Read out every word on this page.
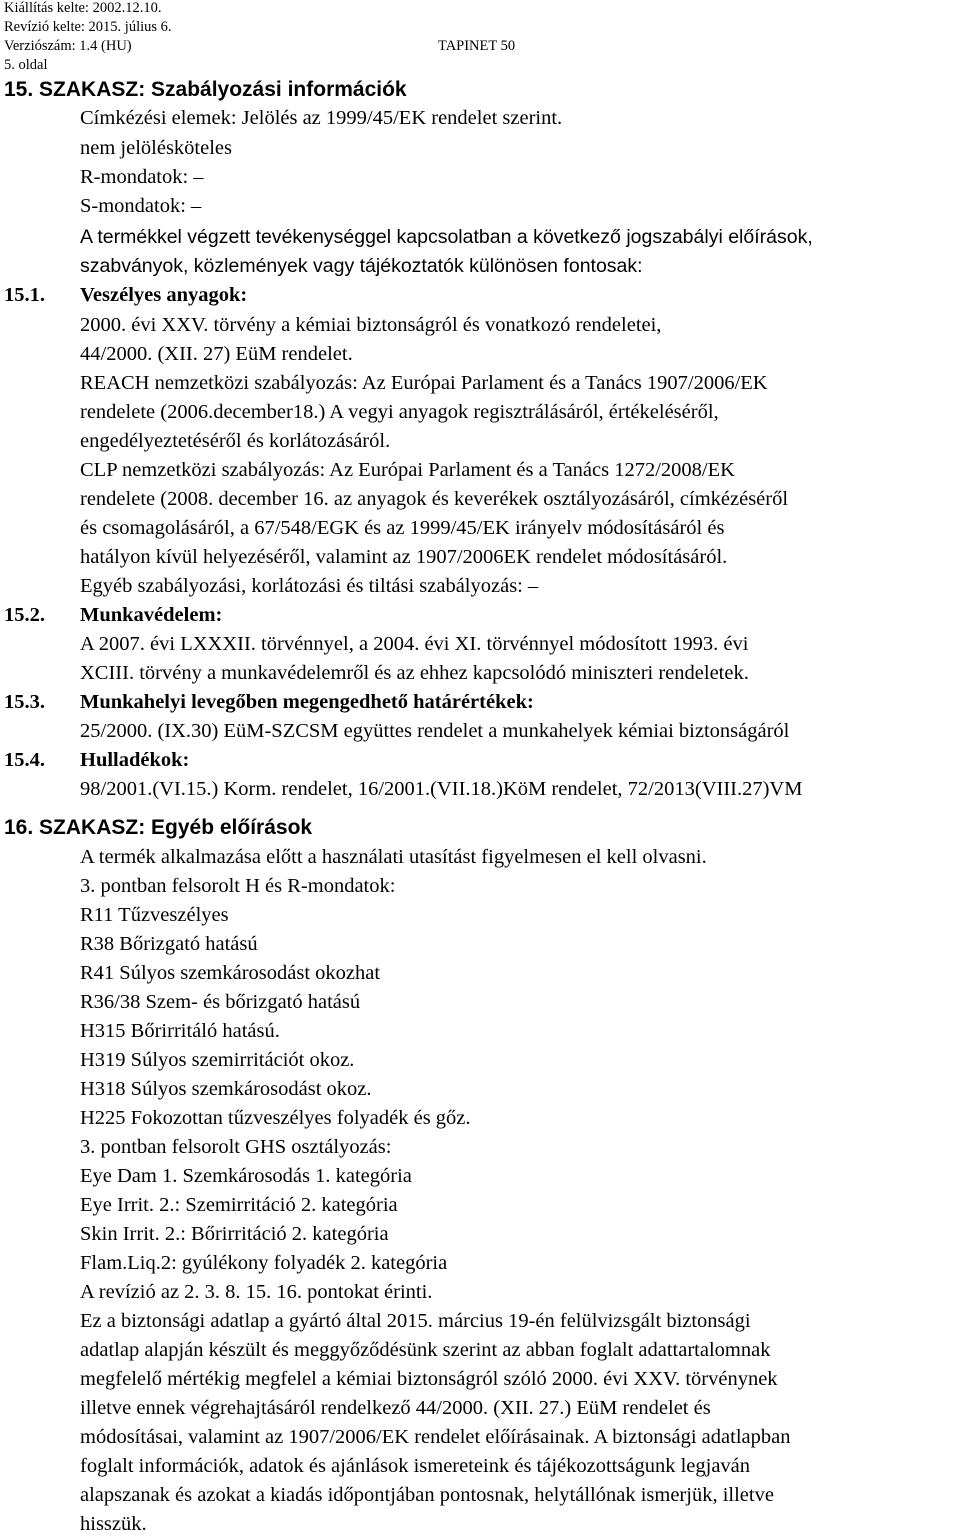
Kiállítás kelte: 2002.12.10.
Revízió kelte: 2015. július 6.
Verziószám: 1.4 (HU)	TAPINET 50
5. oldal
15. SZAKASZ: Szabályozási információk
Címkézési elemek: Jelölés az 1999/45/EK rendelet szerint.
nem jelölésköteles
R-mondatok: –
S-mondatok: –
A termékkel végzett tevékenységgel kapcsolatban a következő jogszabályi előírások,
szabványok, közlemények vagy tájékoztatók különösen fontosak:
15.1. Veszélyes anyagok:
2000. évi XXV. törvény a kémiai biztonságról és vonatkozó rendeletei,
44/2000. (XII. 27) EüM rendelet.
REACH nemzetközi szabályozás: Az Európai Parlament és a Tanács 1907/2006/EK
rendelete (2006.december18.) A vegyi anyagok regisztrálásáról, értékeléséről,
engedélyeztetéséről és korlátozásáról.
CLP nemzetközi szabályozás: Az Európai Parlament és a Tanács 1272/2008/EK
rendelete (2008. december 16. az anyagok és keverékek osztályozásáról, címkézéséről
és csomagolásáról, a 67/548/EGK és az 1999/45/EK irányelv módosításáról és
hatályon kívül helyezéséről, valamint az 1907/2006EK rendelet módosításáról.
Egyéb szabályozási, korlátozási és tiltási szabályozás: –
15.2. Munkavédelem:
A 2007. évi LXXXII. törvénnyel, a 2004. évi XI. törvénnyel módosított 1993. évi
XCIII. törvény a munkavédelemről és az ehhez kapcsolódó miniszteri rendeletek.
15.3. Munkahelyi levegőben megengedhető határértékek:
25/2000. (IX.30) EüM-SZCSM együttes rendelet a munkahelyek kémiai biztonságáról
15.4. Hulladékok:
98/2001.(VI.15.) Korm. rendelet, 16/2001.(VII.18.)KöM rendelet, 72/2013(VIII.27)VM
16. SZAKASZ: Egyéb előírások
A termék alkalmazása előtt a használati utasítást figyelmesen el kell olvasni.
3. pontban felsorolt H és R-mondatok:
R11 Tűzveszélyes
R38 Bőrizgató hatású
R41 Súlyos szemkárosodást okozhat
R36/38 Szem- és bőrizgató hatású
H315 Bőrirritáló hatású.
H319 Súlyos szemirritációt okoz.
H318 Súlyos szemkárosodást okoz.
H225 Fokozottan tűzveszélyes folyadék és gőz.
3. pontban felsorolt GHS osztályozás:
Eye Dam 1. Szemkárosodás 1. kategória
Eye Irrit. 2.: Szemirritáció 2. kategória
Skin Irrit. 2.: Bőrirritáció 2. kategória
Flam.Liq.2: gyúlékony folyadék 2. kategória
A revízió az 2. 3. 8. 15. 16. pontokat érinti.
Ez a biztonsági adatlap a gyártó által 2015. március 19-én felülvizsgált biztonsági
adatlap alapján készült és meggyőződésünk szerint az abban foglalt adattartalomnak
megfelelő mértékig megfelel a kémiai biztonságról szóló 2000. évi XXV. törvénynek
illetve ennek végrehajtásáról rendelkező 44/2000. (XII. 27.) EüM rendelet és
módosításai, valamint az 1907/2006/EK rendelet előírásainak. A biztonsági adatlapban
foglalt információk, adatok és ajánlások ismereteink és tájékozottságunk legjaván
alapszanak és azokat a kiadás időpontjában pontosnak, helytállónak ismerjük, illetve
hisszük.
